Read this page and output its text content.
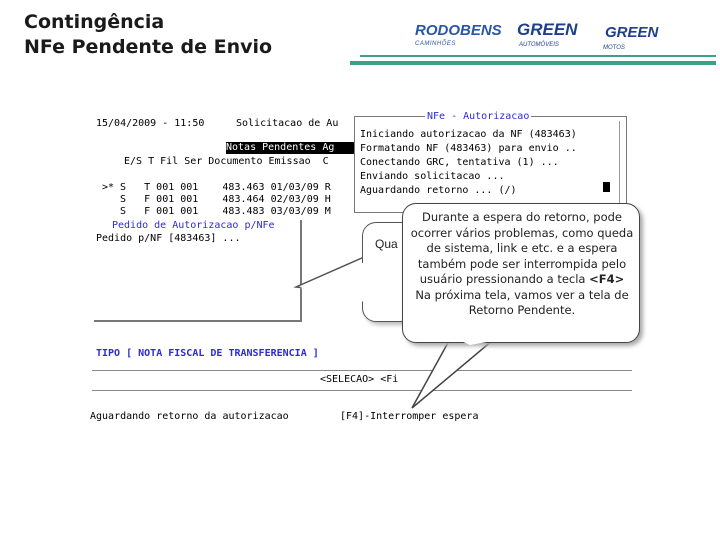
Contingência
NFe Pendente de Envio
RODOBENS
CAMINHÕES
GREEN
AUTOMÓVEIS
GREEN
MOTOS
15/04/2009 - 11:50	Solicitacao de Au
Notas Pendentes Ag
E/S T Fil Ser Documento Emissao  C
>* S   T 001 001    483.463 01/03/09 R
S   F 001 001    483.464 02/03/09 H
S   F 001 001    483.483 03/03/09 M
NFe - Autorizacao
Iniciando autorizacao da NF (483463)
Formatando NF (483463) para envio ..
Conectando GRC, tentativa (1) ...
Enviando solicitacao ...
Aguardando retorno ... (/)
Pedido de Autorizacao p/NFe
Pedido p/NF [483463] ...
TIPO [ NOTA FISCAL DE TRANSFERENCIA ]
<SELECAO> <Fi
Aguardando retorno da autorizacao	[F4]-Interromper espera
Qua
Durante a espera do retorno, pode ocorrer vários problemas, como queda de sistema, link e etc. e a espera também pode ser interrompida pelo usuário pressionando a tecla <F4>
Na próxima tela, vamos ver a tela de Retorno Pendente.
